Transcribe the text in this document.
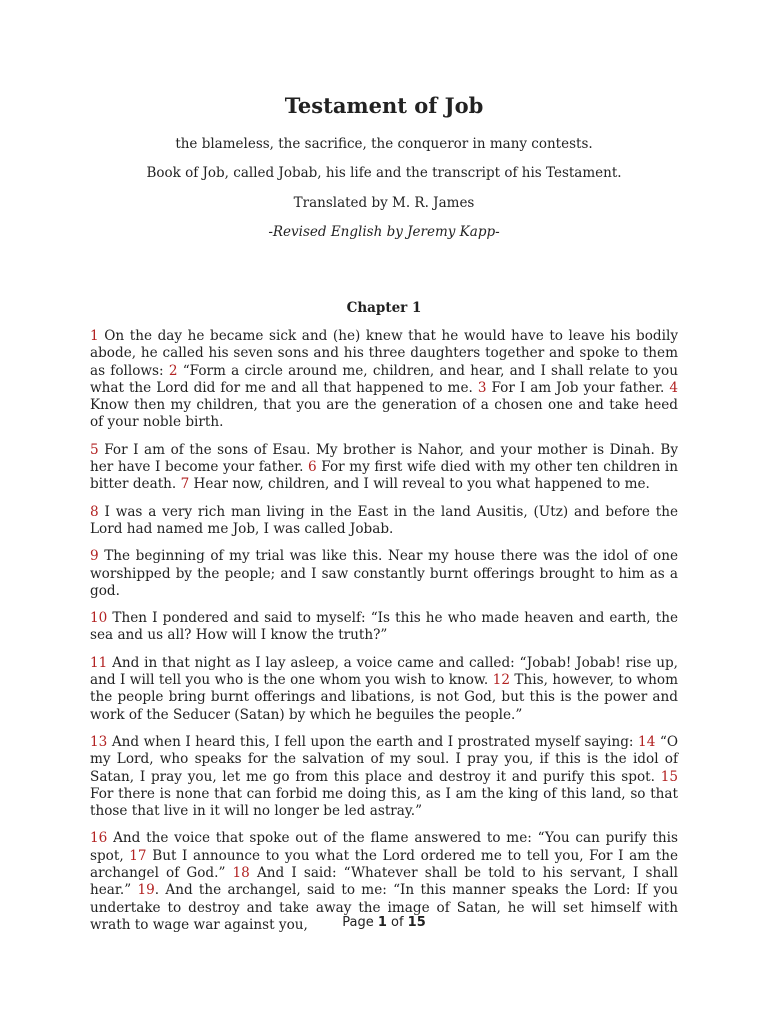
Testament of Job

the blameless, the sacrifice, the conqueror in many contests.

Book of Job, called Jobab, his life and the transcript of his Testament.

Translated by M. R. James

-Revised English by Jeremy Kapp-

Chapter 1

1 On the day he became sick and (he) knew that he would have to leave his bodily abode, he called his seven sons and his three daughters together and spoke to them as follows: 2 “Form a circle around me, children, and hear, and I shall relate to you what the Lord did for me and all that happened to me. 3 For I am Job your father. 4 Know then my children, that you are the generation of a chosen one and take heed of your noble birth.

5 For I am of the sons of Esau. My brother is Nahor, and your mother is Dinah. By her have I become your father. 6 For my first wife died with my other ten children in bitter death. 7 Hear now, children, and I will reveal to you what happened to me.

8 I was a very rich man living in the East in the land Ausitis, (Utz) and before the Lord had named me Job, I was called Jobab.

9 The beginning of my trial was like this. Near my house there was the idol of one worshipped by the people; and I saw constantly burnt offerings brought to him as a god.

10 Then I pondered and said to myself: “Is this he who made heaven and earth, the sea and us all? How will I know the truth?”

11 And in that night as I lay asleep, a voice came and called: “Jobab! Jobab! rise up, and I will tell you who is the one whom you wish to know. 12 This, however, to whom the people bring burnt offerings and libations, is not God, but this is the power and work of the Seducer (Satan) by which he beguiles the people.”

13 And when I heard this, I fell upon the earth and I prostrated myself saying: 14 “O my Lord, who speaks for the salvation of my soul. I pray you, if this is the idol of Satan, I pray you, let me go from this place and destroy it and purify this spot. 15 For there is none that can forbid me doing this, as I am the king of this land, so that those that live in it will no longer be led astray.”

16 And the voice that spoke out of the flame answered to me: “You can purify this spot, 17 But I announce to you what the Lord ordered me to tell you, For I am the archangel of God.” 18 And I said: “Whatever shall be told to his servant, I shall hear.” 19. And the archangel, said to me: “In this manner speaks the Lord: If you undertake to destroy and take away the image of Satan, he will set himself with wrath to wage war against you,	Page 1 of 15
